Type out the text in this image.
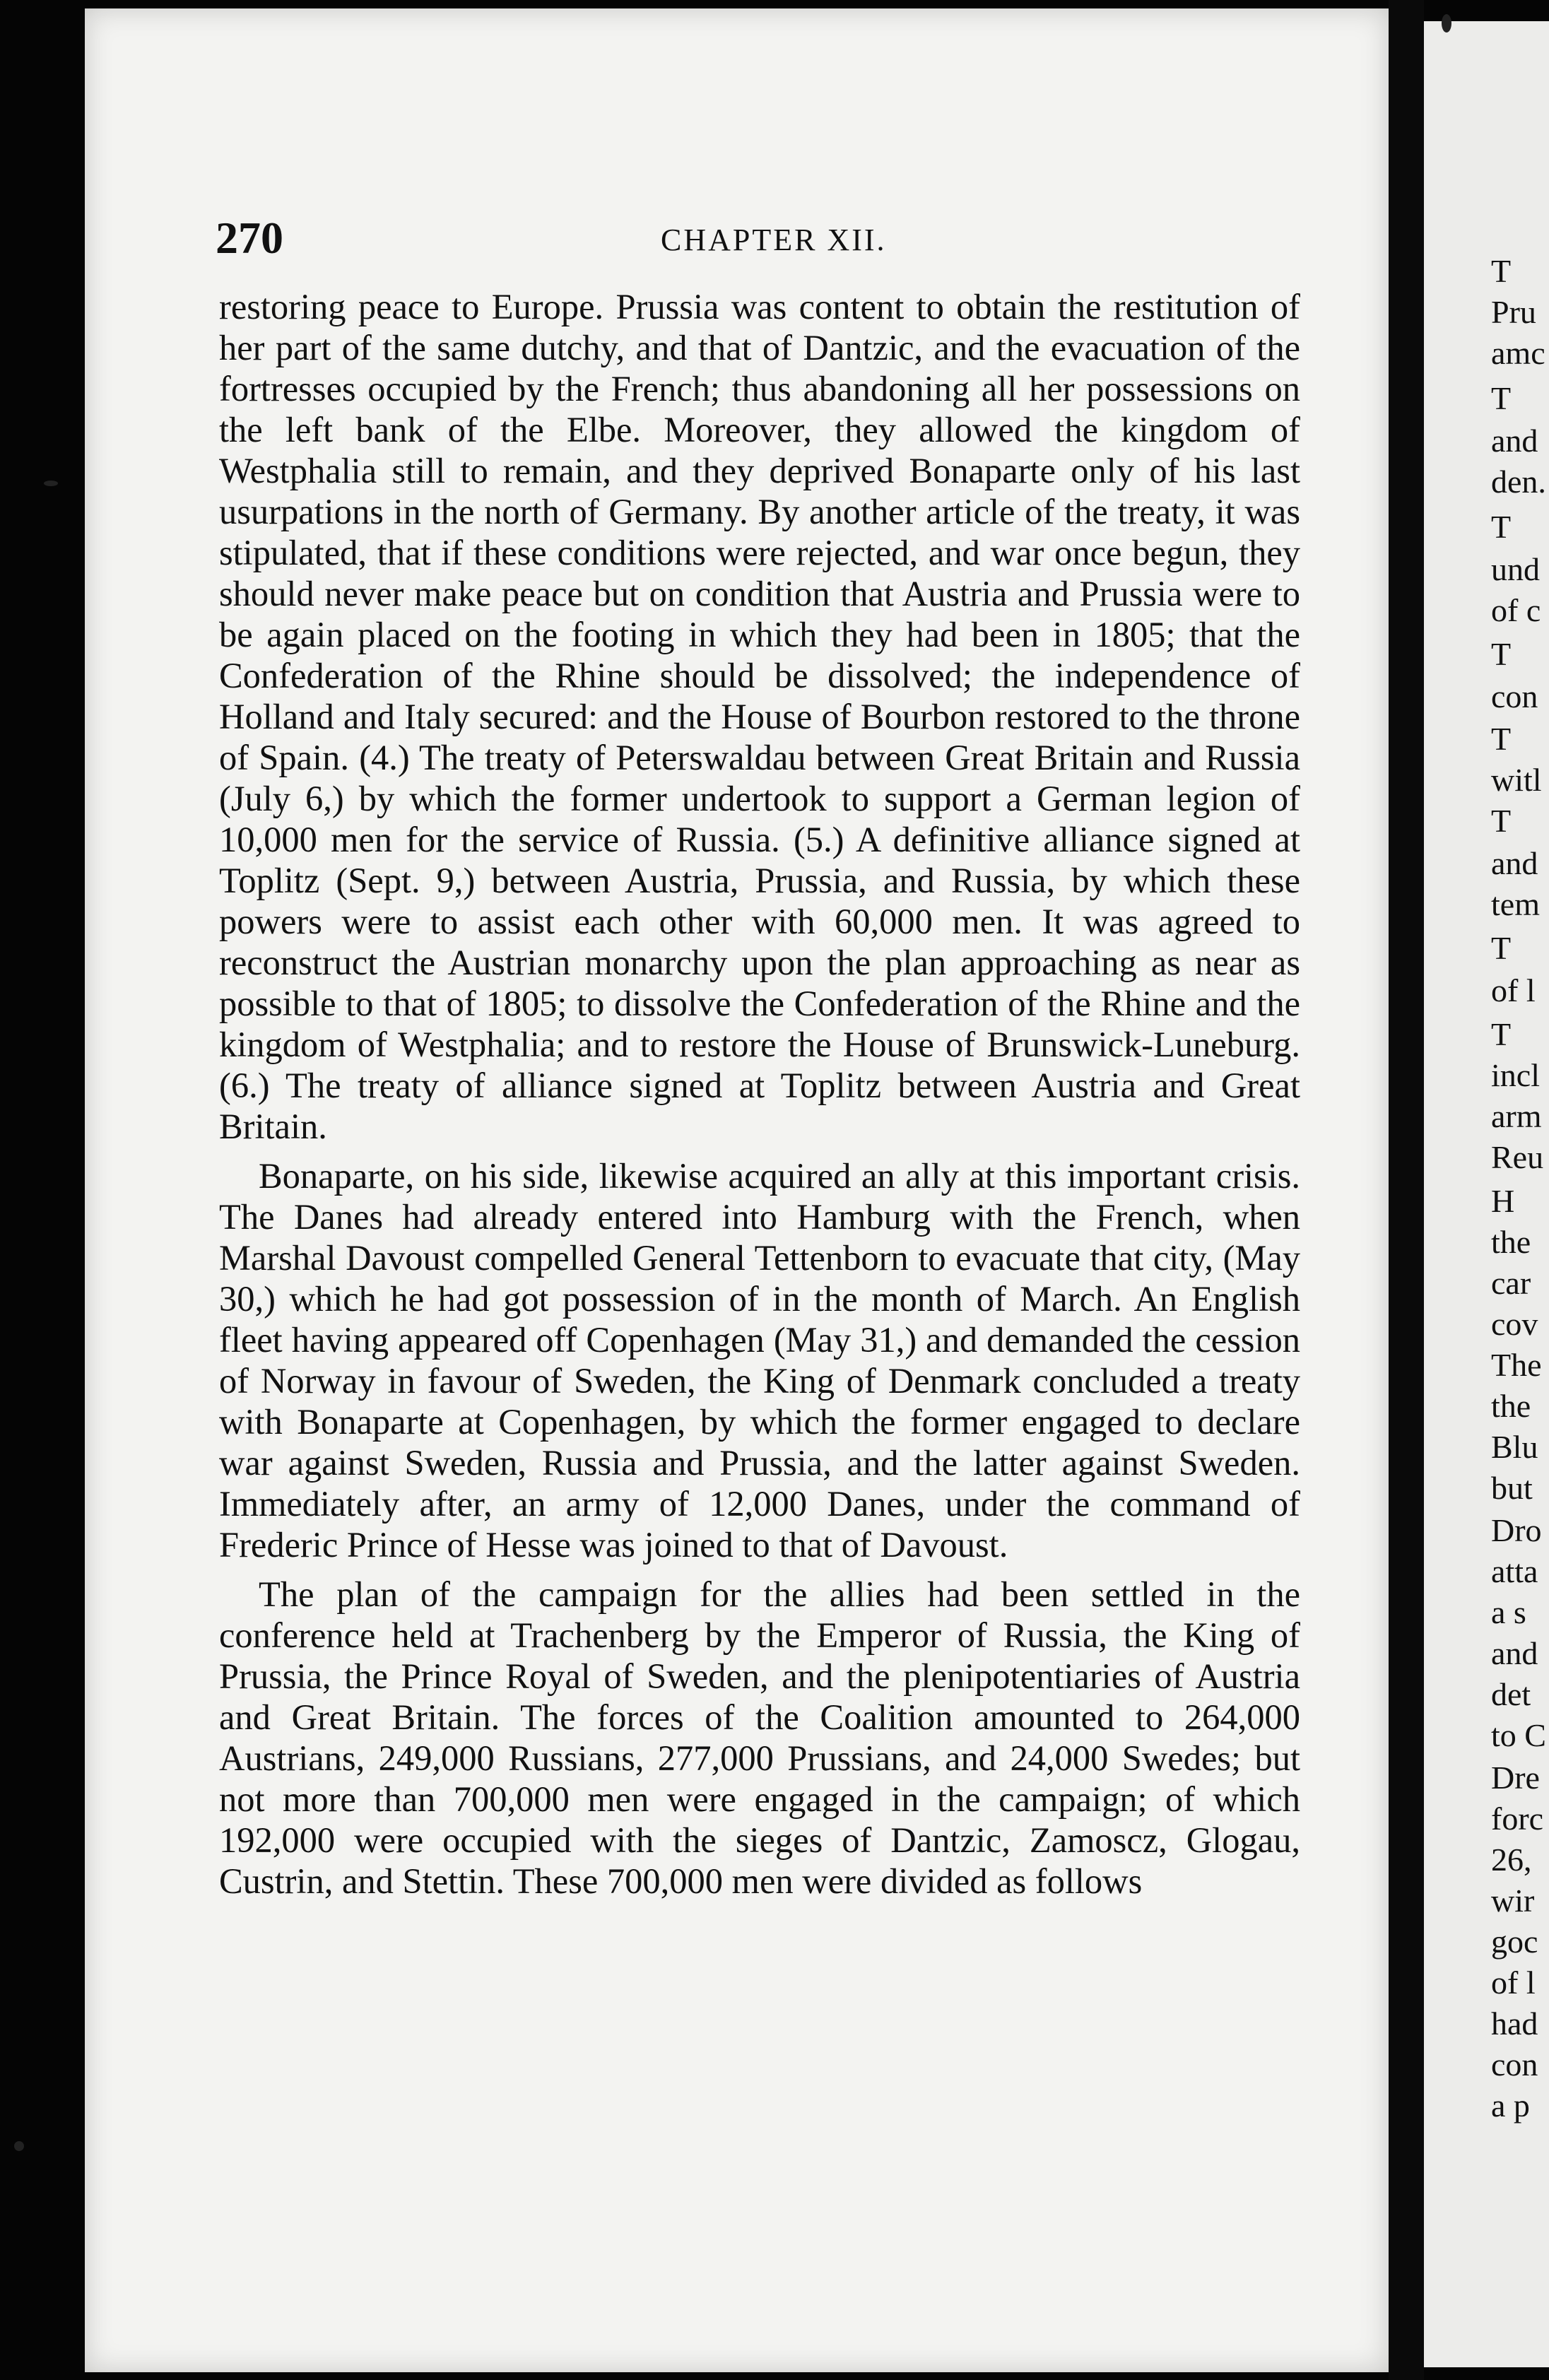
270	CHAPTER XII.

restoring peace to Europe. Prussia was content to obtain the restitution of her part of the same dutchy, and that of Dantzic, and the evacuation of the fortresses occupied by the French; thus abandoning all her possessions on the left bank of the Elbe. Moreover, they allowed the kingdom of Westphalia still to remain, and they deprived Bonaparte only of his last usurpations in the north of Germany. By another article of the treaty, it was stipulated, that if these conditions were rejected, and war once begun, they should never make peace but on condition that Austria and Prussia were to be again placed on the footing in which they had been in 1805; that the Confederation of the Rhine should be dissolved; the independence of Holland and Italy secured: and the House of Bourbon restored to the throne of Spain. (4.) The treaty of Peterswaldau between Great Britain and Russia (July 6,) by which the former undertook to support a German legion of 10,000 men for the service of Russia. (5.) A definitive alliance signed at Toplitz (Sept. 9,) between Austria, Prussia, and Russia, by which these powers were to assist each other with 60,000 men. It was agreed to reconstruct the Austrian monarchy upon the plan approaching as near as possible to that of 1805; to dissolve the Confederation of the Rhine and the kingdom of Westphalia; and to restore the House of Brunswick-Luneburg. (6.) The treaty of alliance signed at Toplitz between Austria and Great Britain.

Bonaparte, on his side, likewise acquired an ally at this important crisis. The Danes had already entered into Hamburg with the French, when Marshal Davoust compelled General Tettenborn to evacuate that city, (May 30,) which he had got possession of in the month of March. An English fleet having appeared off Copenhagen (May 31,) and demanded the cession of Norway in favour of Sweden, the King of Denmark concluded a treaty with Bonaparte at Copenhagen, by which the former engaged to declare war against Sweden, Russia and Prussia, and the latter against Sweden. Immediately after, an army of 12,000 Danes, under the command of Frederic Prince of Hesse was joined to that of Davoust.

The plan of the campaign for the allies had been settled in the conference held at Trachenberg by the Emperor of Russia, the King of Prussia, the Prince Royal of Sweden, and the plenipotentiaries of Austria and Great Britain. The forces of the Coalition amounted to 264,000 Austrians, 249,000 Russians, 277,000 Prussians, and 24,000 Swedes; but not more than 700,000 men were engaged in the campaign; of which 192,000 were occupied with the sieges of Dantzic, Zamoscz, Glogau, Custrin, and Stettin. These 700,000 men were divided as follows

T
Pru
amc
T
and
den.
T
und
of c
T
con
T
witl
T
and
tem
T
of l
T
incl
arm
Reu
H
the
car
cov
The
the
Blu
but
Dro
atta
a s
and
det
to C
Dre
forc
26,
wir
goc
of l
had
con
a p
